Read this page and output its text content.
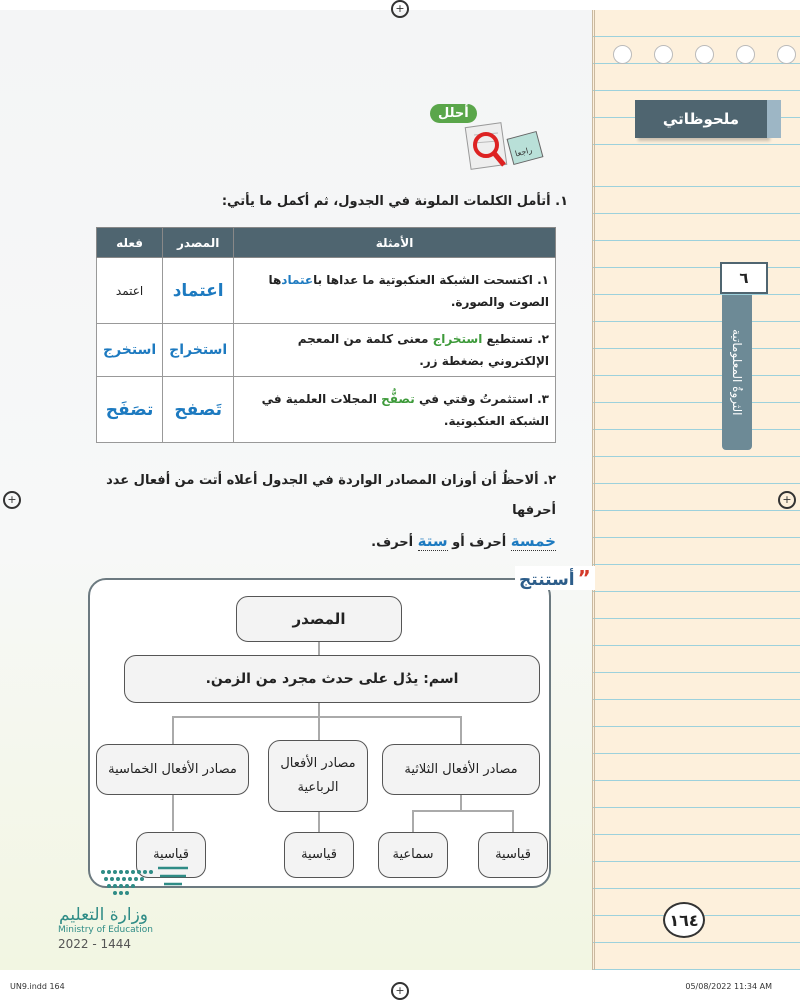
+
+
+
+
ملحوظاتي
٦
الثروةُ المعلوماتية
راجعا
أحلل
١. أتأمل الكلمات الملونة في الجدول، ثم أكمل ما يأتي:
الأمثلة	المصدر	فعله
١. اكتسحت الشبكة العنكبوتية ما عداها باعتمادها الصوت والصورة.	اعتماد	اعتمد
٢. تستطيع استخراج معنى كلمة من المعجم الإلكتروني بضغطة زر.	استخراج	استخرج
٣. استثمرتُ وقتي في تصفُّح المجلات العلمية في الشبكة العنكبوتية.	تَصفح	تصَفَح
٢. ألاحظُ أن أوزان المصادر الواردة في الجدول أعلاه أتت من أفعال عدد أحرفها
خمسة أحرف أو ستة أحرف.
أستنتج ”
المصدر
اسم: يدُل على حدث مجرد من الزمن.
مصادر الأفعال الثلاثية
مصادر الأفعال الرباعية
مصادر الأفعال الخماسية
قياسية
سماعية
قياسية
قياسية
وزارة التعليم
Ministry of Education
2022 - 1444
١٦٤
UN9.indd 164	05/08/2022 11:34 AM
